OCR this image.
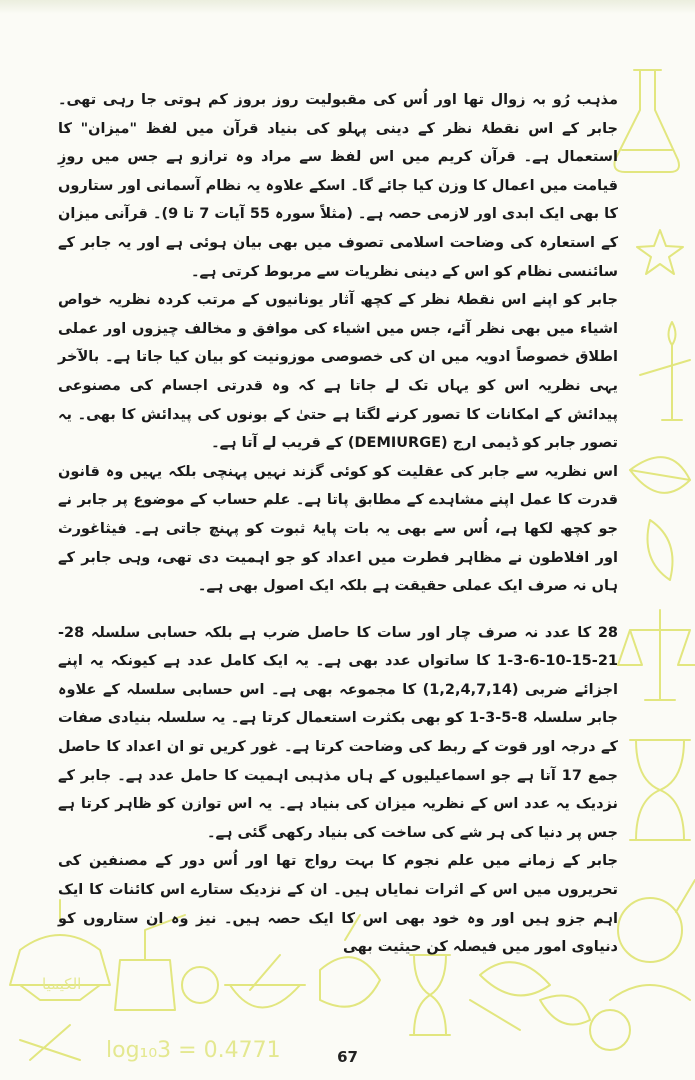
الکیمیا
log₁₀3 = 0.4771

مذہب رُو بہ زوال تھا اور اُس کی مقبولیت روز بروز کم ہوتی جا رہی تھی۔ جابر کے اس نقطۂ نظر کے دینی پہلو کی بنیاد قرآن میں لفظ "میزان" کا استعمال ہے۔ قرآن کریم میں اس لفظ سے مراد وہ ترازو ہے جس میں روزِ قیامت میں اعمال کا وزن کیا جائے گا۔ اسکے علاوہ یہ نظام آسمانی اور ستاروں کا بھی ایک ابدی اور لازمی حصہ ہے۔ (مثلاً سورہ 55 آیات 7 تا 9)۔ قرآنی میزان کے استعارہ کی وضاحت اسلامی تصوف میں بھی بیان ہوئی ہے اور یہ جابر کے سائنسی نظام کو اس کے دینی نظریات سے مربوط کرتی ہے۔

جابر کو اپنے اس نقطۂ نظر کے کچھ آثار یونانیوں کے مرتب کردہ نظریہ خواص اشیاء میں بھی نظر آئے، جس میں اشیاء کی موافق و مخالف چیزوں اور عملی اطلاق خصوصاً ادویہ میں ان کی خصوصی موزونیت کو بیان کیا جاتا ہے۔ بالآخر یہی نظریہ اس کو یہاں تک لے جاتا ہے کہ وہ قدرتی اجسام کی مصنوعی پیدائش کے امکانات کا تصور کرنے لگتا ہے حتیٰ کے بونوں کی پیدائش کا بھی۔ یہ تصور جابر کو ڈیمی ارج (DEMIURGE) کے قریب لے آتا ہے۔

اس نظریہ سے جابر کی عقلیت کو کوئی گزند نہیں پہنچی بلکہ یہیں وہ قانون قدرت کا عمل اپنے مشاہدے کے مطابق پاتا ہے۔ علم حساب کے موضوع پر جابر نے جو کچھ لکھا ہے، اُس سے بھی یہ بات پایۂ ثبوت کو پہنچ جاتی ہے۔ فیثاغورث اور افلاطون نے مظاہر فطرت میں اعداد کو جو اہمیت دی تھی، وہی جابر کے ہاں نہ صرف ایک عملی حقیقت ہے بلکہ ایک اصول بھی ہے۔

28 کا عدد نہ صرف چار اور سات کا حاصل ضرب ہے بلکہ حسابی سلسلہ 28-21-15-10-6-3-1 کا ساتواں عدد بھی ہے۔ یہ ایک کامل عدد ہے کیونکہ یہ اپنے اجزائے ضربی (1,2,4,7,14) کا مجموعہ بھی ہے۔ اس حسابی سلسلہ کے علاوہ جابر سلسلہ 8-5-3-1 کو بھی بکثرت استعمال کرتا ہے۔ یہ سلسلہ بنیادی صفات کے درجہ اور قوت کے ربط کی وضاحت کرتا ہے۔ غور کریں تو ان اعداد کا حاصل جمع 17 آتا ہے جو اسماعیلیوں کے ہاں مذہبی اہمیت کا حامل عدد ہے۔ جابر کے نزدیک یہ عدد اس کے نظریہ میزان کی بنیاد ہے۔ یہ اس توازن کو ظاہر کرتا ہے جس پر دنیا کی ہر شے کی ساخت کی بنیاد رکھی گئی ہے۔

جابر کے زمانے میں علم نجوم کا بہت رواج تھا اور اُس دور کے مصنفین کی تحریروں میں اس کے اثرات نمایاں ہیں۔ ان کے نزدیک ستارے اس کائنات کا ایک اہم جزو ہیں اور وہ خود بھی اس کا ایک حصہ ہیں۔ نیز وہ ان ستاروں کو دنیاوی امور میں فیصلہ کن حیثیت بھی

67
